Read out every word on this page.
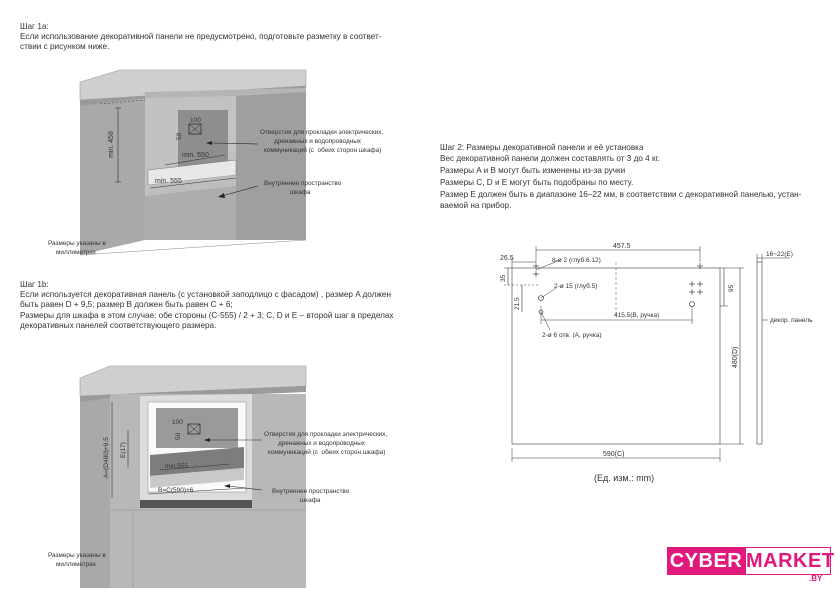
Шаг 1a:
Если использование декоративной панели не предусмотрено, подготовьте разметку в соответ-
ствии с рисунком ниже.
min. 458	min. 550
min. 555
50
100
A=(D480)+9.5 E(17)
B=C(590)+6
min.555
50
100
457.5
26.5
35
21.5
8-ø 2 (глуб.6.12)
2-ø 15 (глуб.5)
415.5(B, ручка)
2-ø 6 отв. (A, ручка)
95
480(D)
590(C)
16~22(E)
декор. панель
Отверстия для прокладки электрических,
дренажных и водопроводных
коммуникаций (с  обеих сторон шкафа)
Внутреннее пространство
шкафа
Размеры указаны в
миллиметрах
Шаг 1b:
Если используется декоративная панель (с установкой заподлицо с фасадом) , размер A должен
быть равен D + 9,5; размер B должен быть равен C + 6;
Размеры для шкафа в этом случае: обе стороны (C-555) / 2 + 3; C, D и E – второй шаг в пределах
декоративных панелей соответствующего размера.
Отверстия для прокладки электрических,
дренажных и водопроводных
коммуникаций (с  обеих сторон шкафа)
Внутреннее пространство
шкафа
Размеры указаны в
миллиметрах
Шаг 2: Размеры декоративной панели и её установка
Вес декоративной панели должен составлять от 3 до 4 кг.
Размеры A и B могут быть изменены из-за ручки
Размеры C, D и E могут быть подобраны по месту.
Размер E должен быть в диапазоне 16–22 мм, в соответствии с декоративной панелью, устан-
ваемой на прибор.
(Ед. изм.: mm)
CYBER MARKET
.BY
